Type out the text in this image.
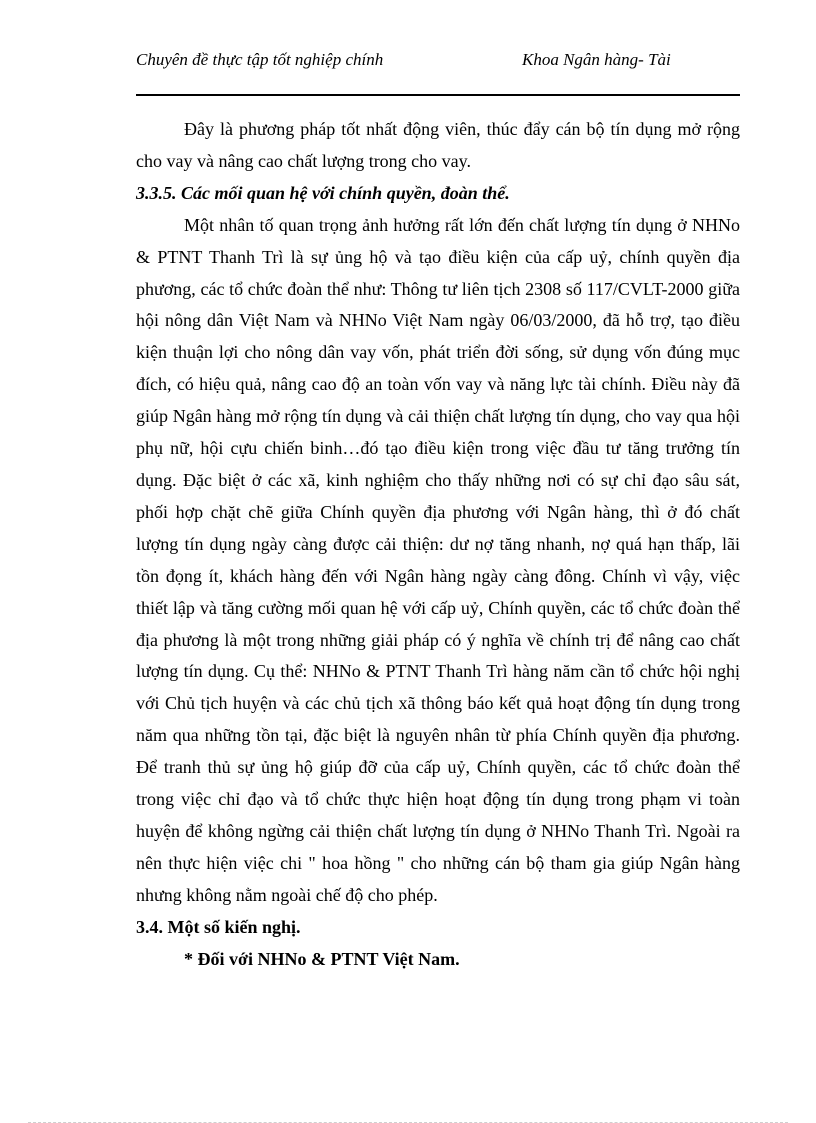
Chuyên đề thực tập tốt nghiệp chính	Khoa Ngân hàng- Tài

Đây là phương pháp tốt nhất động viên, thúc đẩy cán bộ tín dụng mở rộng cho vay và nâng cao chất lượng trong cho vay.

3.3.5. Các mối quan hệ với chính quyền, đoàn thể.

Một nhân tố quan trọng ảnh hưởng rất lớn đến chất lượng tín dụng ở NHNo & PTNT Thanh Trì là sự ủng hộ và tạo điều kiện của cấp uỷ, chính quyền địa phương, các tổ chức đoàn thể như: Thông tư liên tịch 2308 số 117/CVLT-2000 giữa hội nông dân Việt Nam và NHNo Việt Nam ngày 06/03/2000, đã hỗ trợ, tạo điều kiện thuận lợi cho nông dân vay vốn, phát triển đời sống, sử dụng vốn đúng mục đích, có hiệu quả, nâng cao độ an toàn vốn vay và năng lực tài chính. Điều này đã giúp Ngân hàng mở rộng tín dụng và cải thiện chất lượng tín dụng, cho vay qua hội phụ nữ, hội cựu chiến binh…đó tạo điều kiện trong việc đầu tư tăng trưởng tín dụng. Đặc biệt ở các xã, kinh nghiệm cho thấy những nơi có sự chỉ đạo sâu sát, phối hợp chặt chẽ giữa Chính quyền địa phương với Ngân hàng, thì ở đó chất lượng tín dụng ngày càng được cải thiện: dư nợ tăng nhanh, nợ quá hạn thấp, lãi tồn đọng ít, khách hàng đến với Ngân hàng ngày càng đông. Chính vì vậy, việc thiết lập và tăng cường mối quan hệ với cấp uỷ, Chính quyền, các tổ chức đoàn thể địa phương là một trong những giải pháp có ý nghĩa về chính trị để nâng cao chất lượng tín dụng. Cụ thể: NHNo & PTNT Thanh Trì hàng năm cần tổ chức hội nghị với Chủ tịch huyện và các chủ tịch xã thông báo kết quả hoạt động tín dụng trong năm qua những tồn tại, đặc biệt là nguyên nhân từ phía Chính quyền địa phương. Để tranh thủ sự ủng hộ giúp đỡ của cấp uỷ, Chính quyền, các tổ chức đoàn thể trong việc chỉ đạo và tổ chức thực hiện hoạt động tín dụng trong phạm vi toàn huyện để không ngừng cải thiện chất lượng tín dụng ở NHNo Thanh Trì. Ngoài ra nên thực hiện việc chi " hoa hồng " cho những cán bộ tham gia giúp Ngân hàng nhưng không nằm ngoài chế độ cho phép.

3.4. Một số kiến nghị.

* Đối với NHNo & PTNT Việt Nam.
